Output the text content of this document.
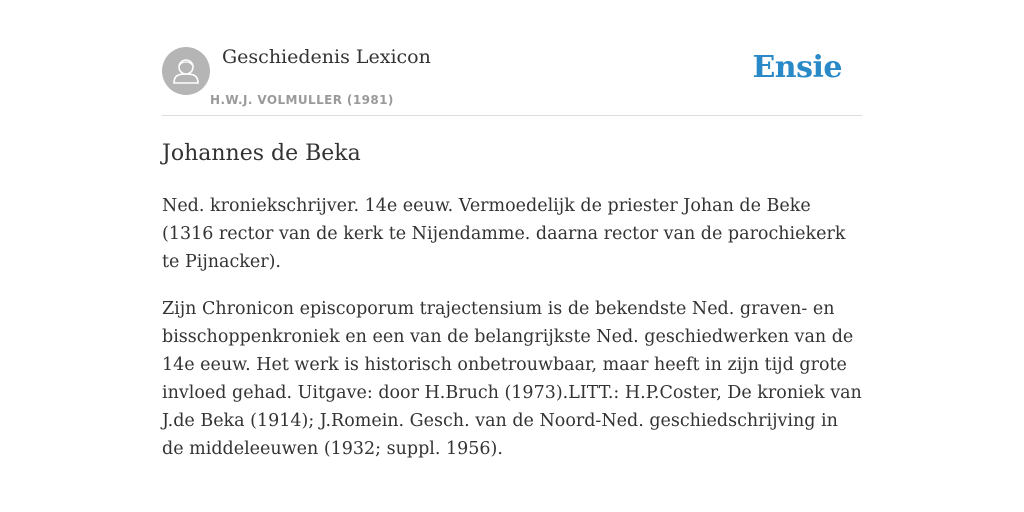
Geschiedenis Lexicon
H.W.J. VOLMULLER (1981)
Ensie
Johannes de Beka

Ned. kroniekschrijver. 14e eeuw. Vermoedelijk de priester Johan de Beke (1316 rector van de kerk te Nijendamme. daarna rector van de parochiekerk te Pijnacker).

Zijn Chronicon episcoporum trajectensium is de bekendste Ned. graven- en bisschoppenkroniek en een van de belangrijkste Ned. geschiedwerken van de 14e eeuw. Het werk is historisch onbetrouwbaar, maar heeft in zijn tijd grote invloed gehad. Uitgave: door H.Bruch (1973).LITT.: H.P.Coster, De kroniek van J.de Beka (1914); J.Romein. Gesch. van de Noord-Ned. geschiedschrijving in de middeleeuwen (1932; suppl. 1956).
